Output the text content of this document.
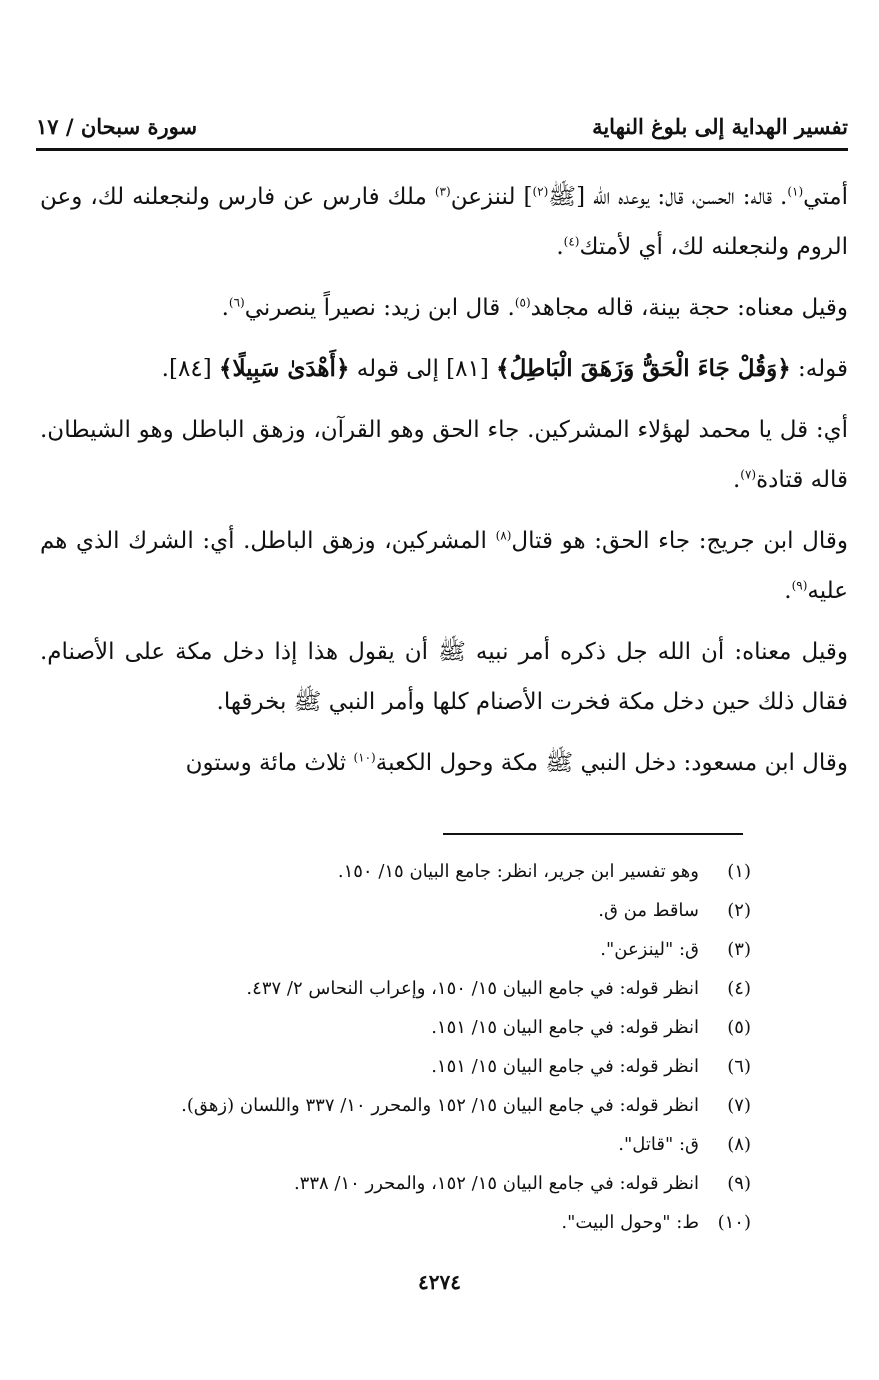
تفسير الهداية إلى بلوغ النهاية
سورة سبحان / ١٧

أمتي$^{(١)}$. قاله: الحسن، قال: يوعده الله [ﷺ$^{(٢)}$] لننزعن$^{(٣)}$ ملك فارس عن فارس ولنجعلنه لك، وعن الروم ولنجعلنه لك، أي لأمتك$^{(٤)}$.

وقيل معناه: حجة بينة، قاله مجاهد$^{(٥)}$. قال ابن زيد: نصيراً ينصرني$^{(٦)}$.

قوله: ﴿وَقُلْ جَاءَ الْحَقُّ وَزَهَقَ الْبَاطِلُ﴾ [٨١] إلى قوله ﴿أَهْدَىٰ سَبِيلًا﴾ [٨٤].

أي: قل يا محمد لهؤلاء المشركين. جاء الحق وهو القرآن، وزهق الباطل وهو الشيطان. قاله قتادة$^{(٧)}$.

وقال ابن جريج: جاء الحق: هو قتال$^{(٨)}$ المشركين، وزهق الباطل. أي: الشرك الذي هم عليه$^{(٩)}$.

وقيل معناه: أن الله جل ذكره أمر نبيه ﷺ أن يقول هذا إذا دخل مكة على الأصنام. فقال ذلك حين دخل مكة فخرت الأصنام كلها وأمر النبي ﷺ بخرقها.

وقال ابن مسعود: دخل النبي ﷺ مكة وحول الكعبة$^{(١٠)}$ ثلاث مائة وستون

(١)
وهو تفسير ابن جرير، انظر: جامع البيان ١٥/ ١٥٠.
(٢)
ساقط من ق.
(٣)
ق: "لينزعن".
(٤)
انظر قوله: في جامع البيان ١٥/ ١٥٠، وإعراب النحاس ٢/ ٤٣٧.
(٥)
انظر قوله: في جامع البيان ١٥/ ١٥١.
(٦)
انظر قوله: في جامع البيان ١٥/ ١٥١.
(٧)
انظر قوله: في جامع البيان ١٥/ ١٥٢ والمحرر ١٠/ ٣٣٧ واللسان (زهق).
(٨)
ق: "قاتل".
(٩)
انظر قوله: في جامع البيان ١٥/ ١٥٢، والمحرر ١٠/ ٣٣٨.
(١٠)
ط: "وحول البيت".
٤٢٧٤
